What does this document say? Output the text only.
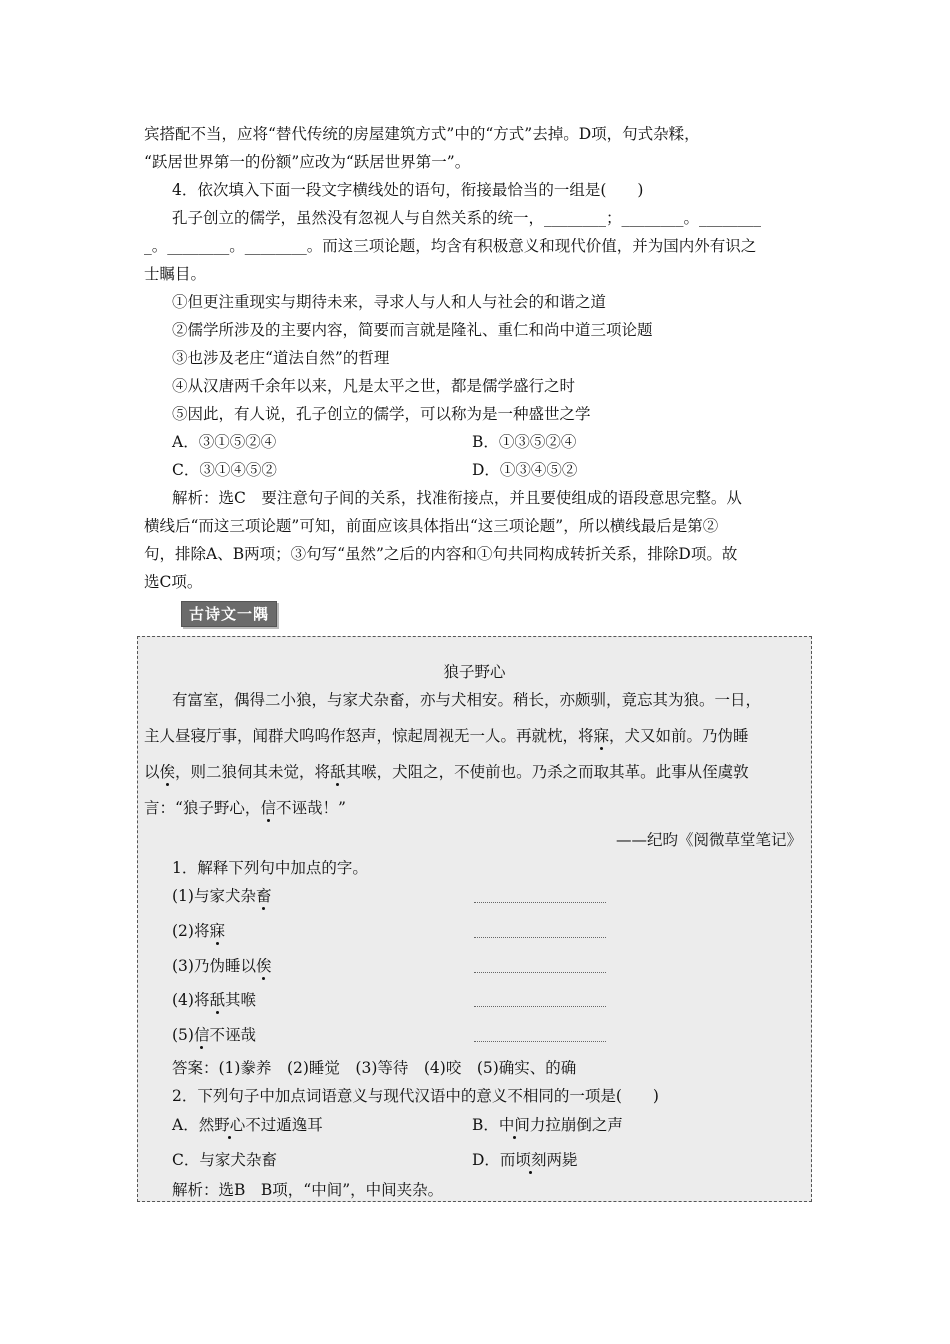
宾搭配不当，应将“替代传统的房屋建筑方式”中的“方式”去掉。D项，句式杂糅，
“跃居世界第一的份额”应改为“跃居世界第一”。
4．依次填入下面一段文字横线处的语句，衔接最恰当的一组是(　　)
孔子创立的儒学，虽然没有忽视人与自然关系的统一，________；________。________
_。________。________。而这三项论题，均含有积极意义和现代价值，并为国内外有识之
士瞩目。
①但更注重现实与期待未来，寻求人与人和人与社会的和谐之道
②儒学所涉及的主要内容，简要而言就是隆礼、重仁和尚中道三项论题
③也涉及老庄“道法自然”的哲理
④从汉唐两千余年以来，凡是太平之世，都是儒学盛行之时
⑤因此，有人说，孔子创立的儒学，可以称为是一种盛世之学
A．③①⑤②④	B．①③⑤②④
C．③①④⑤②	D．①③④⑤②
解析：选C　要注意句子间的关系，找准衔接点，并且要使组成的语段意思完整。从
横线后“而这三项论题”可知，前面应该具体指出“这三项论题”，所以横线最后是第②
句，排除A、B两项；③句写“虽然”之后的内容和①句共同构成转折关系，排除D项。故
选C项。
古诗文一隅
狼子野心
有富室，偶得二小狼，与家犬杂畜，亦与犬相安。稍长，亦颇驯，竟忘其为狼。一日，
主人昼寝厅事，闻群犬呜呜作怒声，惊起周视无一人。再就枕，将寐，犬又如前。乃伪睡
以俟，则二狼伺其未觉，将舐其喉，犬阻之，不使前也。乃杀之而取其革。此事从侄虞敦
言：“狼子野心，信不诬哉！”
——纪昀《阅微草堂笔记》
1．解释下列句中加点的字。
(1)与家犬杂畜
(2)将寐
(3)乃伪睡以俟
(4)将舐其喉
(5)信不诬哉
答案：(1)豢养　(2)睡觉　(3)等待　(4)咬　(5)确实、的确
2．下列句子中加点词语意义与现代汉语中的意义不相同的一项是(　　)
A．然野心不过遁逸耳	B．中间力拉崩倒之声
C．与家犬杂畜	D．而顷刻两毙
解析：选B　B项，“中间”，中间夹杂。
